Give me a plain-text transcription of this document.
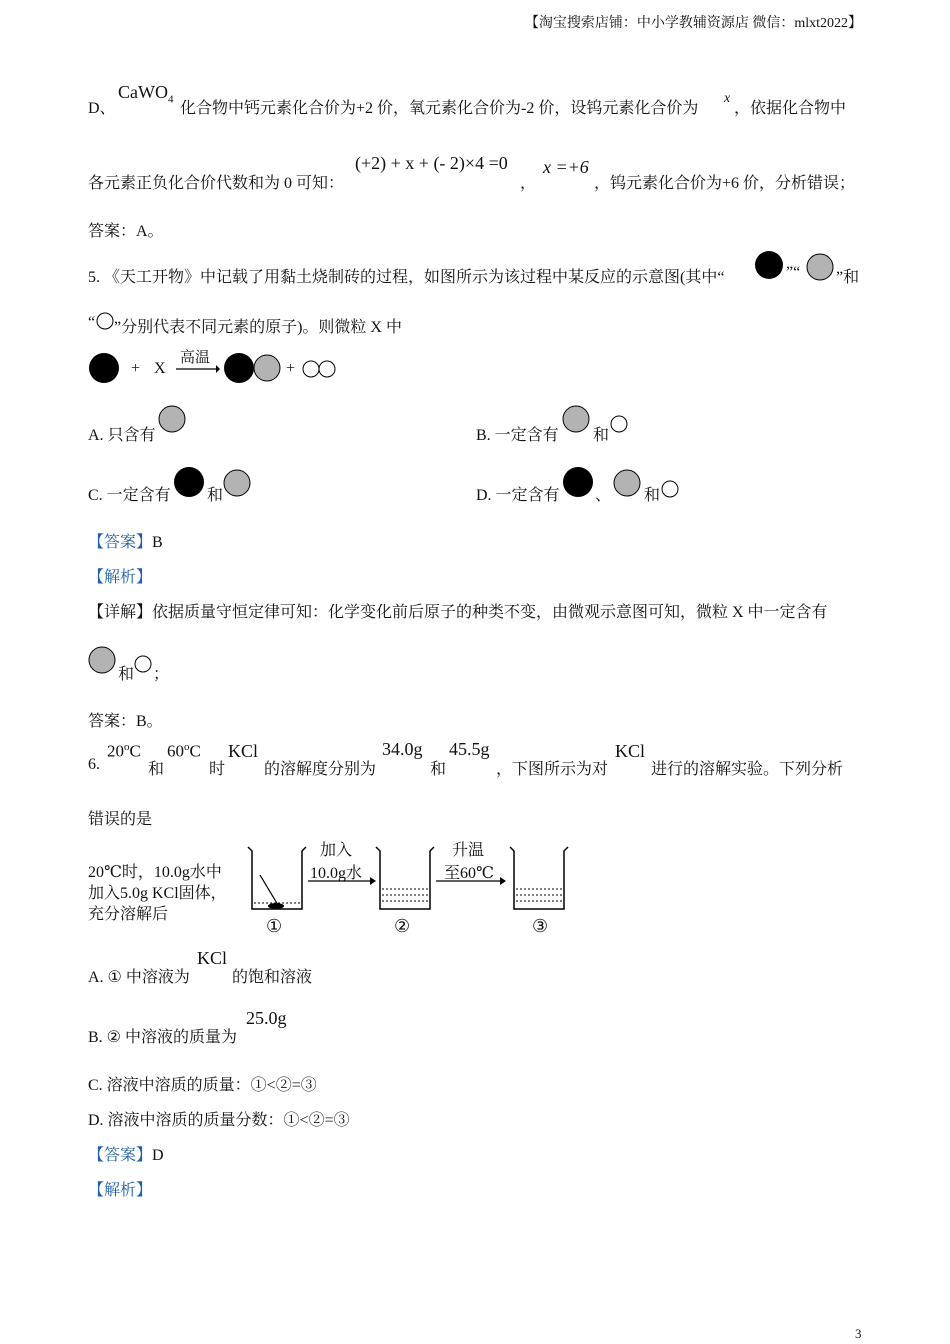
【淘宝搜索店铺：中小学教辅资源店 微信：mlxt2022】
D、
CaWO$_4$
化合物中钙元素化合价为+2 价，氧元素化合价为-2 价，设钨元素化合价为
x
，依据化合物中
各元素正负化合价代数和为 0 可知：
(+2) + x + (- 2)×4 =0
，
x =+6
，钨元素化合价为+6 价，分析错误；
答案：A。
5. 《天工开物》中记载了用黏土烧制砖的过程，如图所示为该过程中某反应的示意图(其中“	”“ ”和
“ ”分别代表不同元素的原子)。则微粒 X 中
+ X
高温
+
A. 只含有	B. 一定含有 和
C. 一定含有 和	D. 一定含有 、 和
【答案】B
【解析】
【详解】依据质量守恒定律可知：化学变化前后原子的种类不变，由微观示意图可知，微粒 X 中一定含有
和 ；
答案：B。
6.
20$^o$C
和
60$^o$C
时
KCl
的溶解度分别为
34.0g
和
45.5g
，下图所示为对
KCl
进行的溶解实验。下列分析
错误的是
20℃时，10.0g水中
加入5.0g KCl固体，
充分溶解后
①
加入
10.0g水
②
升温
至60℃
③
A. ① 中溶液为
KCl
的饱和溶液
B. ② 中溶液的质量为
25.0g
C. 溶液中溶质的质量：①<②=③
D. 溶液中溶质的质量分数：①<②=③
【答案】D
【解析】
3
